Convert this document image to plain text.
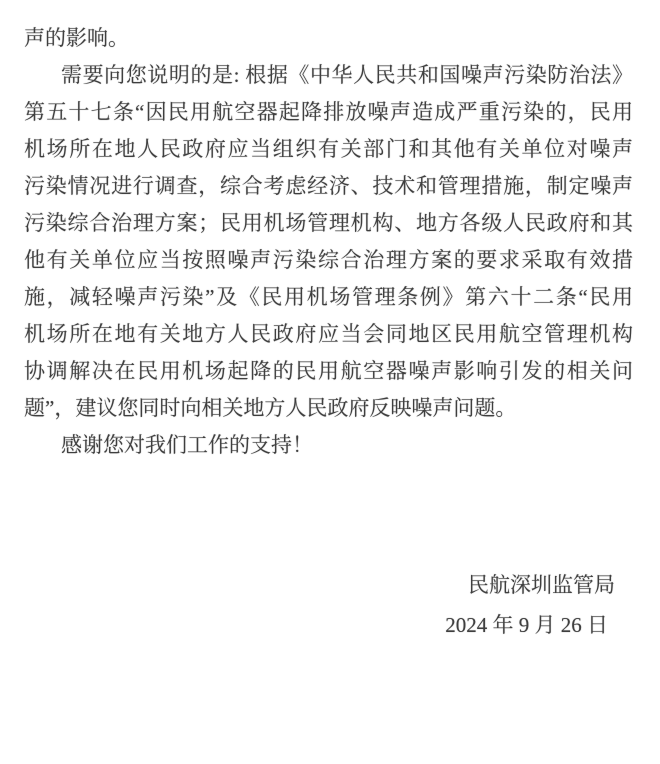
声的影响。

需要向您说明的是: 根据《中华人民共和国噪声污染防治法》

第五十七条“因民用航空器起降排放噪声造成严重污染的，民用

机场所在地人民政府应当组织有关部门和其他有关单位对噪声

污染情况进行调查，综合考虑经济、技术和管理措施，制定噪声

污染综合治理方案；民用机场管理机构、地方各级人民政府和其

他有关单位应当按照噪声污染综合治理方案的要求采取有效措

施，减轻噪声污染”及《民用机场管理条例》第六十二条“民用

机场所在地有关地方人民政府应当会同地区民用航空管理机构

协调解决在民用机场起降的民用航空器噪声影响引发的相关问

题”，建议您同时向相关地方人民政府反映噪声问题。

感谢您对我们工作的支持！

民航深圳监管局
2024 年 9 月 26 日
